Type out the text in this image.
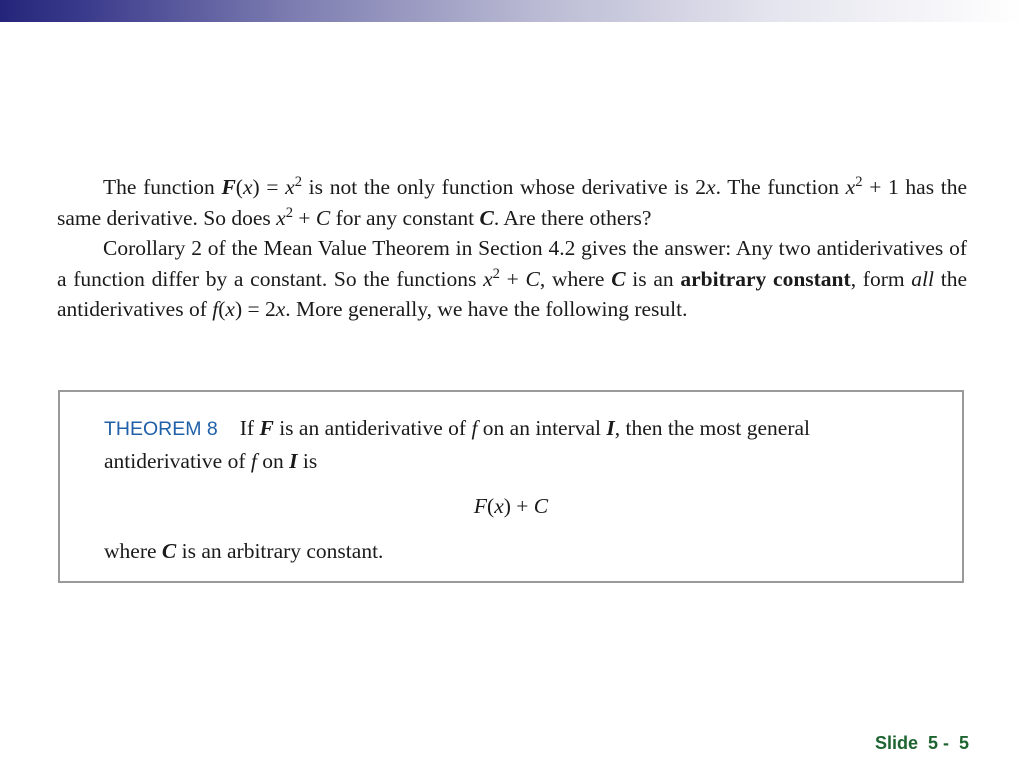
The function $F(x) = x^2$ is not the only function whose derivative is 2x. The function $x^2 + 1$ has the same derivative. So does $x^2 + C$ for any constant C. Are there others?

Corollary 2 of the Mean Value Theorem in Section 4.2 gives the answer: Any two antiderivatives of a function differ by a constant. So the functions $x^2 + C$, where C is an arbitrary constant, form all the antiderivatives of f(x) = 2x. More generally, we have the following result.

THEOREM 8 If F is an antiderivative of f on an interval I, then the most general
antiderivative of f on I is
F(x) + C
where C is an arbitrary constant.
Slide  5 -  5
